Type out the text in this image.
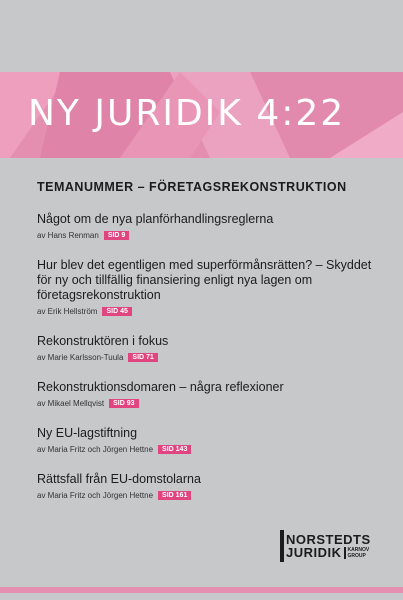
NY JURIDIK 4:22

TEMANUMMER – FÖRETAGSREKONSTRUKTION

Något om de nya planförhandlingsreglerna

av Hans Renman	SID 9

Hur blev det egentligen med superförmånsrätten? – Skyddet för ny och tillfällig finansiering enligt nya lagen om företagsrekonstruktion

av Erik Hellström	SID 45

Rekonstruktören i fokus

av Marie Karlsson-Tuula	SID 71

Rekonstruktionsdomaren – några reflexioner

av Mikael Mellqvist	SID 93

Ny EU-lagstiftning

av Maria Fritz och Jörgen Hettne	SID 143

Rättsfall från EU-domstolarna

av Maria Fritz och Jörgen Hettne	SID 161
NORSTEDTS
JURIDIK KARNOV
GROUP
